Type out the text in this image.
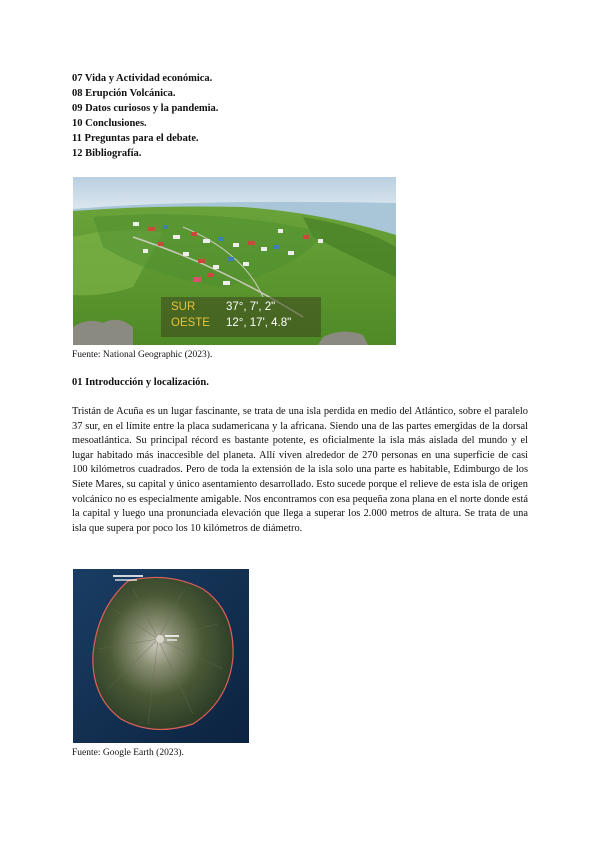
07 Vida y Actividad económica.
08 Erupción Volcánica.
09 Datos curiosos y la pandemia.
10 Conclusiones.
11 Preguntas para el debate.
12 Bibliografía.
SUR	37°, 7', 2"
OESTE 12°, 17', 4.8"
Fuente: National Geographic (2023).
01 Introducción y localización.

Tristán de Acuña es un lugar fascinante, se trata de una isla perdida en medio del Atlántico, sobre el paralelo 37 sur, en el límite entre la placa sudamericana y la africana. Siendo una de las partes emergidas de la dorsal mesoatlántica. Su principal récord es bastante potente, es oficialmente la isla más aislada del mundo y el lugar habitado más inaccesible del planeta. Allí viven alrededor de 270 personas en una superficie de casi 100 kilómetros cuadrados. Pero de toda la extensión de la isla solo una parte es habitable, Edimburgo de los Siete Mares, su capital y único asentamiento desarrollado. Esto sucede porque el relieve de esta isla de origen volcánico no es especialmente amigable. Nos encontramos con esa pequeña zona plana en el norte donde está la capital y luego una pronunciada elevación que llega a superar los 2.000 metros de altura. Se trata de una isla que supera por poco los 10 kilómetros de diámetro.

Fuente: Google Earth (2023).
